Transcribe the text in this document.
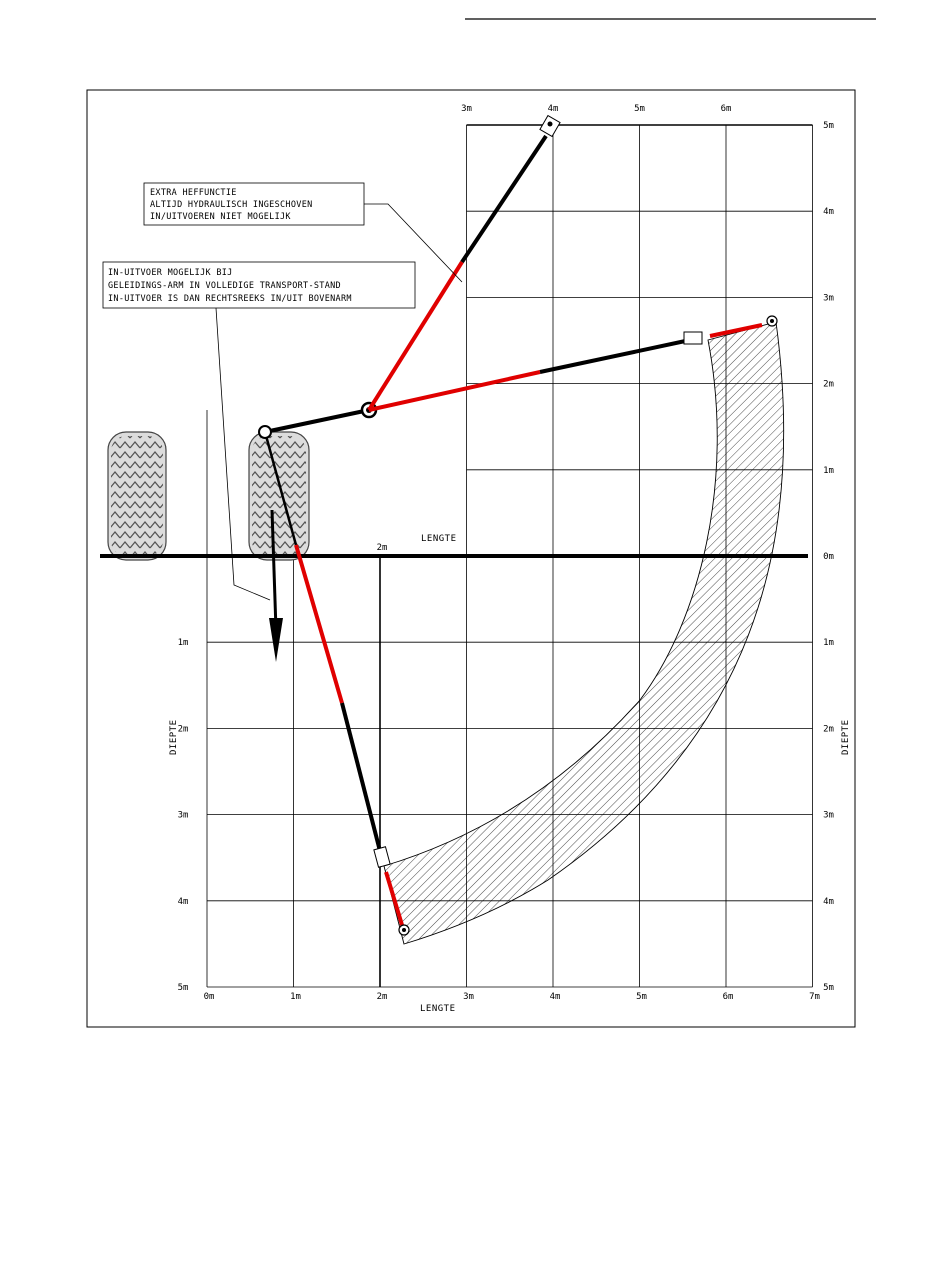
EXTRA HEFFUNCTIE
ALTIJD HYDRAULISCH INGESCHOVEN
IN/UITVOEREN NIET MOGELIJK
IN-UITVOER MOGELIJK BIJ
GELEIDINGS-ARM IN VOLLEDIGE TRANSPORT-STAND
IN-UITVOER IS DAN RECHTSREEKS IN/UIT BOVENARM
3m	4m	5m	6m
0m	1m	2m	3m	4m	5m	6m	7m
5m
4m
3m
2m
1m
0m
1m
2m
3m
4m
5m
1m
2m
3m
4m
5m
2m
LENGTE
LENGTE
DIEPTE	DIEPTE
